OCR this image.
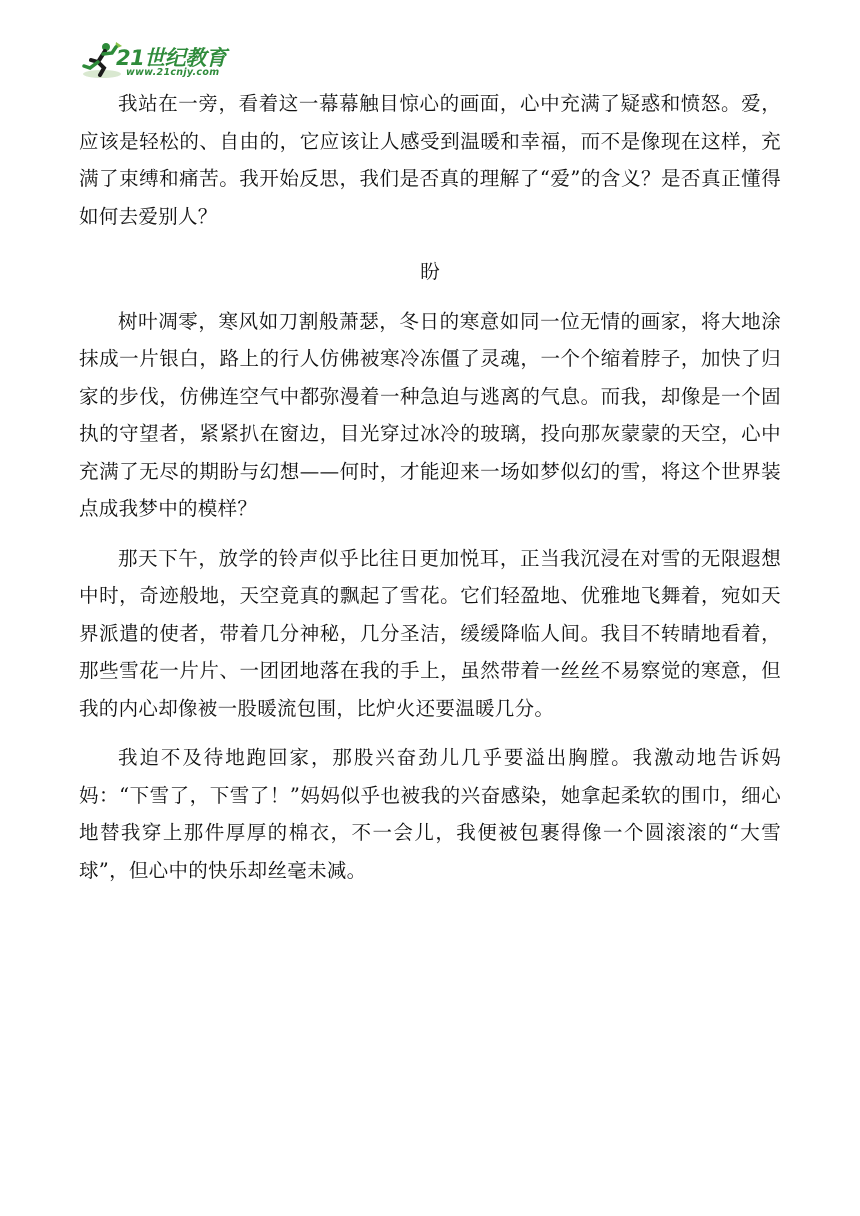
21世纪教育
www.21cnjy.com

我站在一旁，看着这一幕幕触目惊心的画面，心中充满了疑惑和愤怒。爱，应该是轻松的、自由的，它应该让人感受到温暖和幸福，而不是像现在这样，充满了束缚和痛苦。我开始反思，我们是否真的理解了“爱”的含义？是否真正懂得如何去爱别人？

盼

树叶凋零，寒风如刀割般萧瑟，冬日的寒意如同一位无情的画家，将大地涂抹成一片银白，路上的行人仿佛被寒冷冻僵了灵魂，一个个缩着脖子，加快了归家的步伐，仿佛连空气中都弥漫着一种急迫与逃离的气息。而我，却像是一个固执的守望者，紧紧扒在窗边，目光穿过冰冷的玻璃，投向那灰蒙蒙的天空，心中充满了无尽的期盼与幻想——何时，才能迎来一场如梦似幻的雪，将这个世界装点成我梦中的模样？

那天下午，放学的铃声似乎比往日更加悦耳，正当我沉浸在对雪的无限遐想中时，奇迹般地，天空竟真的飘起了雪花。它们轻盈地、优雅地飞舞着，宛如天界派遣的使者，带着几分神秘，几分圣洁，缓缓降临人间。我目不转睛地看着，那些雪花一片片、一团团地落在我的手上，虽然带着一丝丝不易察觉的寒意，但我的内心却像被一股暖流包围，比炉火还要温暖几分。

我迫不及待地跑回家，那股兴奋劲儿几乎要溢出胸膛。我激动地告诉妈妈：“下雪了，下雪了！”妈妈似乎也被我的兴奋感染，她拿起柔软的围巾，细心地替我穿上那件厚厚的棉衣，不一会儿，我便被包裹得像一个圆滚滚的“大雪球”，但心中的快乐却丝毫未减。
